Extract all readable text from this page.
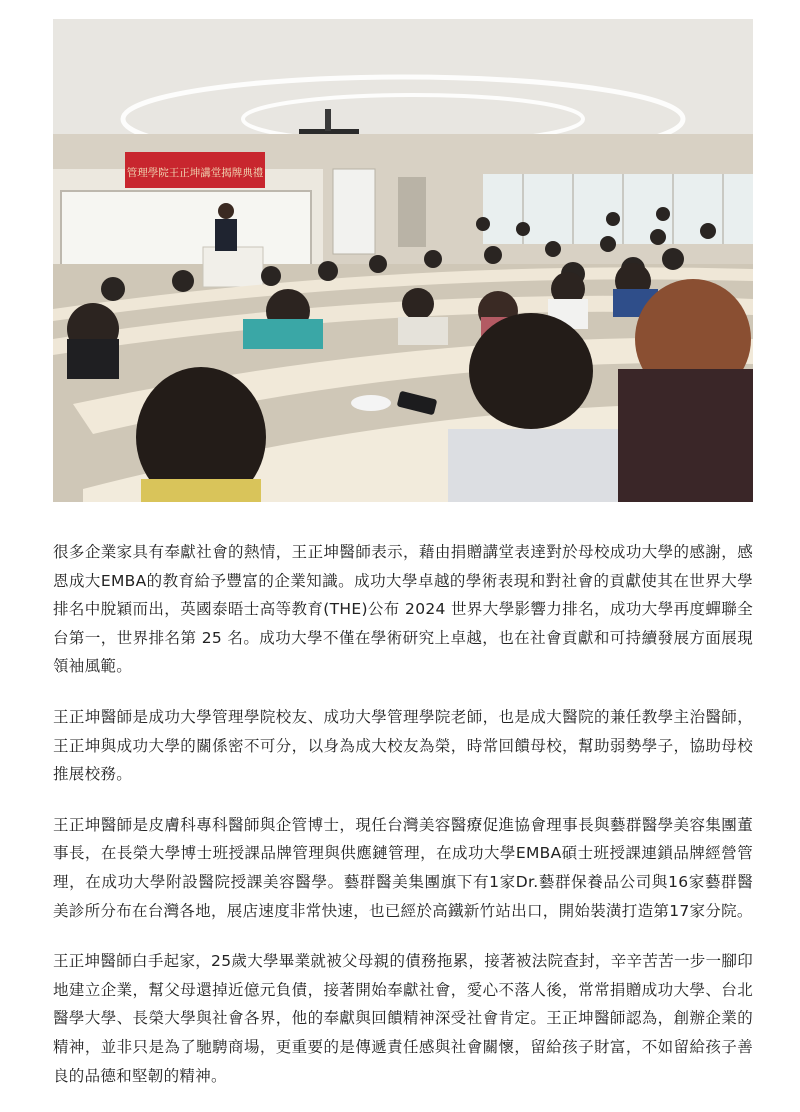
管理學院王正坤講堂揭牌典禮

很多企業家具有奉獻社會的熱情，王正坤醫師表示，藉由捐贈講堂表達對於母校成功大學的感謝，感恩成大EMBA的教育給予豐富的企業知識。成功大學卓越的學術表現和對社會的貢獻使其在世界大學排名中脫穎而出，英國泰晤士高等教育(THE)公布 2024 世界大學影響力排名，成功大學再度蟬聯全台第一，世界排名第 25 名。成功大學不僅在學術研究上卓越，也在社會貢獻和可持續發展方面展現領袖風範。

王正坤醫師是成功大學管理學院校友、成功大學管理學院老師，也是成大醫院的兼任教學主治醫師，王正坤與成功大學的關係密不可分，以身為成大校友為榮，時常回饋母校，幫助弱勢學子，協助母校推展校務。

王正坤醫師是皮膚科專科醫師與企管博士，現任台灣美容醫療促進協會理事長與藝群醫學美容集團董事長，在長榮大學博士班授課品牌管理與供應鏈管理，在成功大學EMBA碩士班授課連鎖品牌經營管理，在成功大學附設醫院授課美容醫學。藝群醫美集團旗下有1家Dr.藝群保養品公司與16家藝群醫美診所分布在台灣各地，展店速度非常快速，也已經於高鐵新竹站出口，開始裝潢打造第17家分院。

王正坤醫師白手起家，25歲大學畢業就被父母親的債務拖累，接著被法院查封，辛辛苦苦一步一腳印地建立企業，幫父母還掉近億元負債，接著開始奉獻社會，愛心不落人後，常常捐贈成功大學、台北醫學大學、長榮大學與社會各界，他的奉獻與回饋精神深受社會肯定。王正坤醫師認為，創辦企業的精神，並非只是為了馳騁商場，更重要的是傳遞責任感與社會關懷，留給孩子財富，不如留給孩子善良的品德和堅韌的精神。
